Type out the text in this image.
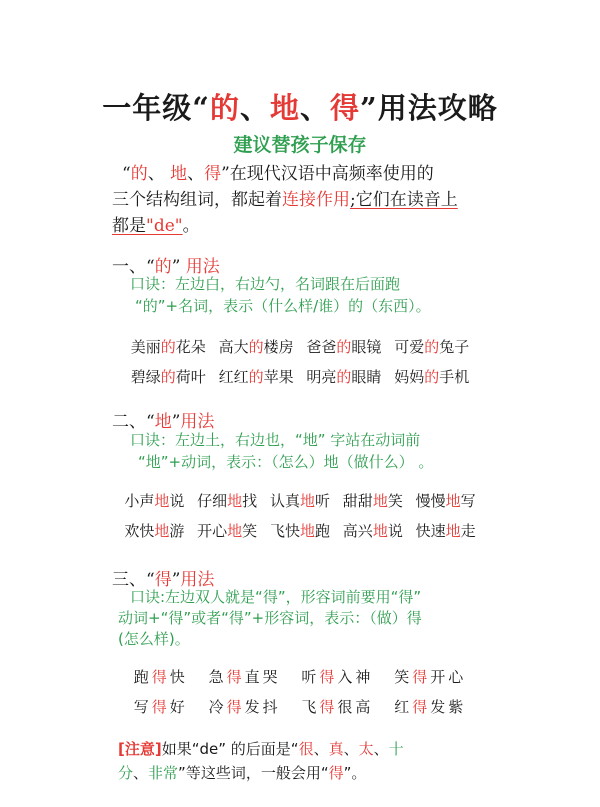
一年级“的、地、得”用法攻略
建议替孩子保存
“的、 地、得”在现代汉语中高频率使用的
三个结构组词，都起着连接作用;它们在读音上
都是"de"。
一、“的” 用法
口诀：左边白，右边勺，名词跟在后面跑
“的”+名词，表示（什么样/谁）的（东西）。
美丽的花朵 高大的楼房 爸爸的眼镜 可爱的兔子
碧绿的荷叶 红红的苹果 明亮的眼睛 妈妈的手机
二、“地”用法
口诀：左边土，右边也，“地” 字站在动词前
“地”+动词，表示：（怎么）地（做什么） 。
小声地说 仔细地找 认真地听 甜甜地笑 慢慢地写
欢快地游 开心地笑 飞快地跑 高兴地说 快速地走
三、“得”用法
口诀:左边双人就是“得”，形容词前要用“得”
动词+“得”或者“得”+形容词，表示：（做）得
(怎么样)。
跑得快 急得直哭 听得入神 笑得开心
写得好 冷得发抖 飞得很高 红得发紫
[注意]如果“de” 的后面是“很、真、太、十
分、非常”等这些词，一般会用“得”。
